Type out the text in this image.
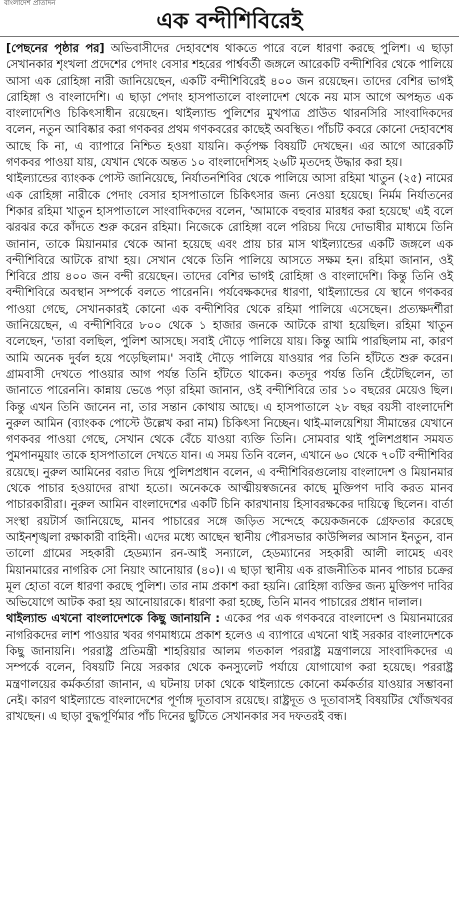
বাংলাদেশ প্রতিদিন
এক বন্দীশিবিরেই

[পেছনের পৃষ্ঠার পর] অভিবাসীদের দেহাবশেষ থাকতে পারে বলে ধারণা করছে পুলিশ। এ ছাড়া সেখানকার শৃংখলা প্রদেশের পেদাং বেসার শহরের পার্শ্ববর্তী জঙ্গলে আরেকটি বন্দীশিবির থেকে পালিয়ে আসা এক রোহিঙ্গা নারী জানিয়েছেন, একটি বন্দীশিবিরেই ৪০০ জন রয়েছেন। তাদের বেশির ভাগই রোহিঙ্গা ও বাংলাদেশি। এ ছাড়া পেদাং হাসপাতালে বাংলাদেশ থেকে নয় মাস আগে অপহৃত এক বাংলাদেশিও চিকিৎসাধীন রয়েছেন। থাইল্যান্ড পুলিশের মুখপাত্র প্রাউত থারনসিরি সাংবাদিকদের বলেন, নতুন আবিষ্কার করা গণকবর প্রথম গণকবরের কাছেই অবস্থিত। পাঁচটি কবরে কোনো দেহাবশেষ আছে কি না, এ ব্যাপারে নিশ্চিত হওয়া যায়নি। কর্তৃপক্ষ বিষয়টি দেখছেন। এর আগে আরেকটি গণকবর পাওয়া যায়, যেখান থেকে অন্তত ১০ বাংলাদেশিসহ ২৬টি মৃতদেহ উদ্ধার করা হয়।

থাইল্যান্ডের ব্যাংকক পোস্ট জানিয়েছে, নির্যাতনশিবির থেকে পালিয়ে আসা রহিমা খাতুন (২৫) নামের এক রোহিঙ্গা নারীকে পেদাং বেসার হাসপাতালে চিকিৎসার জন্য নেওয়া হয়েছে। নির্মম নির্যাতনের শিকার রহিমা খাতুন হাসপাতালে সাংবাদিকদের বলেন, 'আমাকে বহুবার মারধর করা হয়েছে' এই বলে ঝরঝর করে কাঁদতে শুরু করেন রহিমা। নিজেকে রোহিঙ্গা বলে পরিচয় দিয়ে দোভাষীর মাধ্যমে তিনি জানান, তাকে মিয়ানমার থেকে আনা হয়েছে এবং প্রায় চার মাস থাইল্যান্ডের একটি জঙ্গলে এক বন্দীশিবিরে আটকে রাখা হয়। সেখান থেকে তিনি পালিয়ে আসতে সক্ষম হন। রহিমা জানান, ওই শিবিরে প্রায় ৪০০ জন বন্দী রয়েছেন। তাদের বেশির ভাগই রোহিঙ্গা ও বাংলাদেশি। কিন্তু তিনি ওই বন্দীশিবিরে অবস্থান সম্পর্কে বলতে পারেননি। পর্যবেক্ষকদের ধারণা, থাইল্যান্ডের যে স্থানে গণকবর পাওয়া গেছে, সেখানকারই কোনো এক বন্দীশিবির থেকে রহিমা পালিয়ে এসেছেন। প্রত্যক্ষদর্শীরা জানিয়েছেন, এ বন্দীশিবিরে ৮০০ থেকে ১ হাজার জনকে আটকে রাখা হয়েছিল। রহিমা খাতুন বলেছেন, 'তারা বলছিল, পুলিশ আসছে। সবাই দৌড়ে পালিয়ে যায়। কিন্তু আমি পারছিলাম না, কারণ আমি অনেক দুর্বল হয়ে পড়েছিলাম।' সবাই দৌড়ে পালিয়ে যাওয়ার পর তিনি হাঁটতে শুরু করেন। গ্রামবাসী দেখতে পাওয়ার আগ পর্যন্ত তিনি হাঁটতে থাকেন। কতদূর পর্যন্ত তিনি হেঁটেছিলেন, তা জানাতে পারেননি। কান্নায় ভেঙে পড়া রহিমা জানান, ওই বন্দীশিবিরে তার ১০ বছরের মেয়েও ছিল। কিন্তু এখন তিনি জানেন না, তার সন্তান কোথায় আছে। এ হাসপাতালে ২৮ বছর বয়সী বাংলাদেশি নুরুল আমিন (ব্যাংকক পোস্টে উল্লেখ করা নাম) চিকিৎসা নিচ্ছেন। থাই-মালয়েশিয়া সীমান্তের যেখানে গণকবর পাওয়া গেছে, সেখান থেকে বেঁচে যাওয়া ব্যক্তি তিনি। সোমবার থাই পুলিশপ্রধান সমযত পুমপানমুয়াং তাকে হাসপাতালে দেখতে যান। এ সময় তিনি বলেন, এখানে ৬০ থেকে ৭০টি বন্দীশিবির রয়েছে। নুরুল আমিনের বরাত দিয়ে পুলিশপ্রধান বলেন, এ বন্দীশিবিরগুলোয় বাংলাদেশ ও মিয়ানমার থেকে পাচার হওয়াদের রাখা হতো। অনেককে আত্মীয়স্বজনের কাছে মুক্তিপণ দাবি করত মানব পাচারকারীরা। নুরুল আমিন বাংলাদেশের একটি চিনি কারখানায় হিসাবরক্ষকের দায়িত্বে ছিলেন। বার্তা সংস্থা রয়টার্স জানিয়েছে, মানব পাচারের সঙ্গে জড়িত সন্দেহে কয়েকজনকে গ্রেফতার করেছে আইনশৃঙ্খলা রক্ষাকারী বাহিনী। এদের মধ্যে আছেন স্থানীয় পৌরসভার কাউন্সিলর আসান ইনতুন, বান তালো গ্রামের সহকারী হেডম্যান রন-আই সন্যালে, হেডম্যানের সহকারী আলী লামেহ এবং মিয়ানমারের নাগরিক সো নিয়াং আনোয়ার (৪০)। এ ছাড়া স্থানীয় এক রাজনীতিক মানব পাচার চক্রের মূল হোতা বলে ধারণা করছে পুলিশ। তার নাম প্রকাশ করা হয়নি। রোহিঙ্গা ব্যক্তির জন্য মুক্তিপণ দাবির অভিযোগে আটক করা হয় আনোয়ারকে। ধারণা করা হচ্ছে, তিনি মানব পাচারের প্রধান দালাল।

থাইল্যান্ড এখনো বাংলাদেশকে কিছু জানায়নি : একের পর এক গণকবরে বাংলাদেশ ও মিয়ানমারের নাগরিকদের লাশ পাওয়ার খবর গণমাধ্যমে প্রকাশ হলেও এ ব্যাপারে এখনো থাই সরকার বাংলাদেশকে কিছু জানায়নি। পররাষ্ট্র প্রতিমন্ত্রী শাহরিয়ার আলম গতকাল পররাষ্ট্র মন্ত্রণালয়ে সাংবাদিকদের এ সম্পর্কে বলেন, বিষয়টি নিয়ে সরকার থেকে কনস্যুলেট পর্যায়ে যোগাযোগ করা হয়েছে। পররাষ্ট্র মন্ত্রণালয়ের কর্মকর্তারা জানান, এ ঘটনায় ঢাকা থেকে থাইল্যান্ডে কোনো কর্মকর্তার যাওয়ার সম্ভাবনা নেই। কারণ থাইল্যান্ডে বাংলাদেশের পূর্ণাঙ্গ দূতাবাস রয়েছে। রাষ্ট্রদূত ও দূতাবাসই বিষয়টির খোঁজখবর রাখছেন। এ ছাড়া বুদ্ধপূর্ণিমার পাঁচ দিনের ছুটিতে সেখানকার সব দফতরই বন্ধ।
